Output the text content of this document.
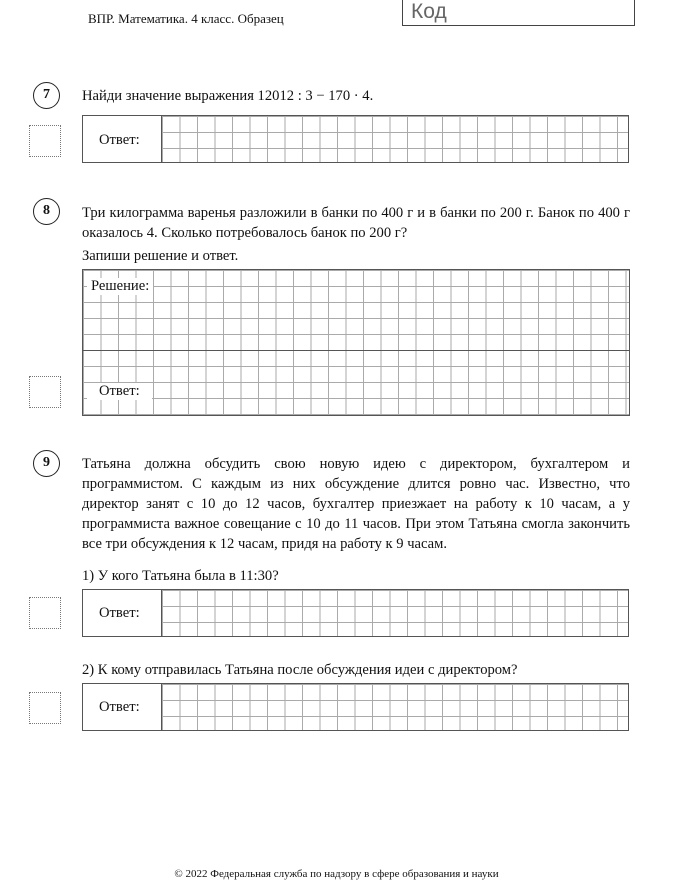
ВПР. Математика. 4 класс. Образец	Код
7	Найди значение выражения 12012 : 3 − 170 · 4.
Ответ:
8	Три килограмма варенья разложили в банки по 400 г и в банки по 200 г. Банок по 400 г оказалось 4. Сколько потребовалось банок по 200 г?
Запиши решение и ответ.
Решение:
Ответ:
9	Татьяна должна обсудить свою новую идею с директором, бухгалтером и программистом. С каждым из них обсуждение длится ровно час. Известно, что директор занят с 10 до 12 часов, бухгалтер приезжает на работу к 10 часам, а у программиста важное совещание с 10 до 11 часов. При этом Татьяна смогла закончить все три обсуждения к 12 часам, придя на работу к 9 часам.
1) У кого Татьяна была в 11:30?
Ответ:
2) К кому отправилась Татьяна после обсуждения идеи с директором?
Ответ:
© 2022 Федеральная служба по надзору в сфере образования и науки
